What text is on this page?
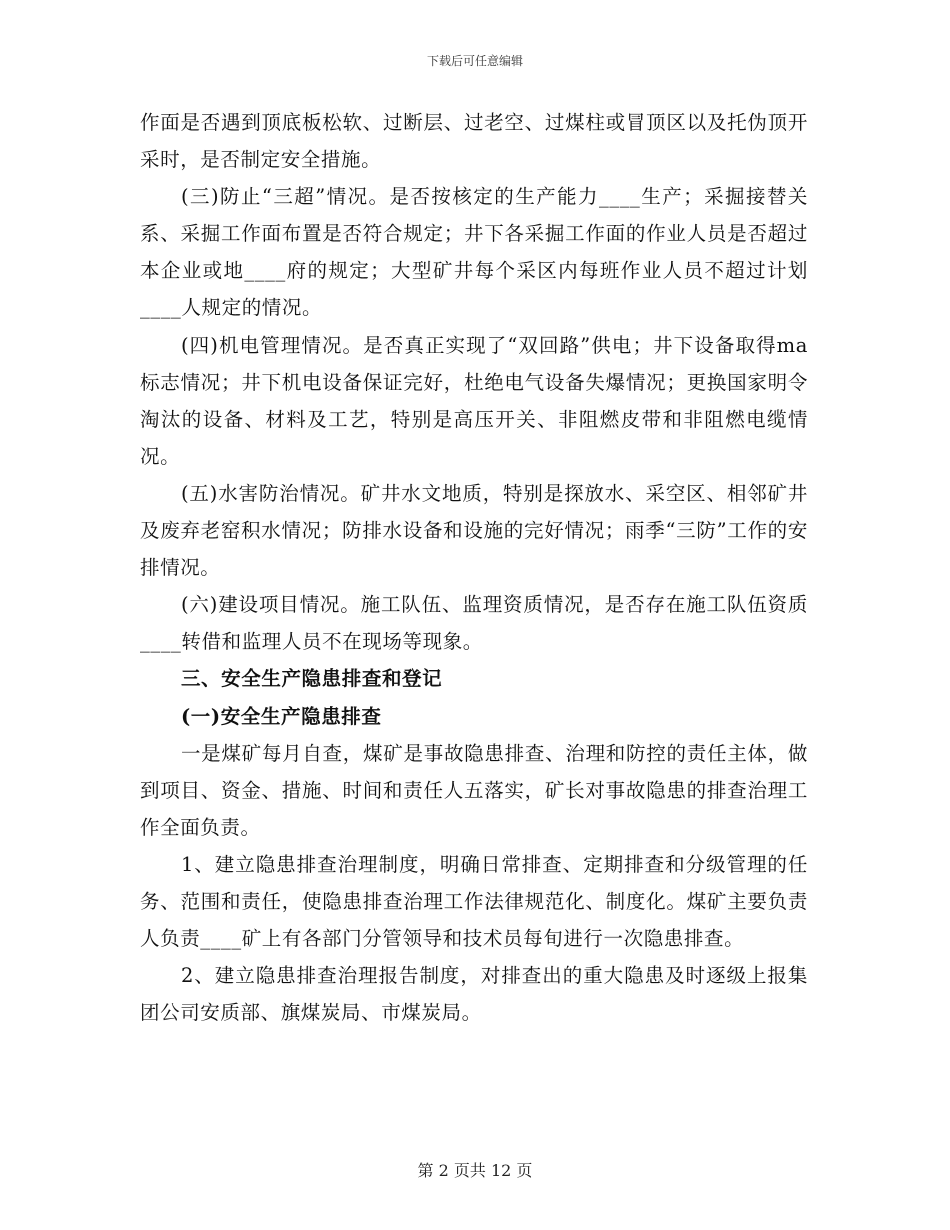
下载后可任意编辑

作面是否遇到顶底板松软、过断层、过老空、过煤柱或冒顶区以及托伪顶开采时，是否制定安全措施。

(三)防止“三超”情况。是否按核定的生产能力____生产；采掘接替关系、采掘工作面布置是否符合规定；井下各采掘工作面的作业人员是否超过本企业或地____府的规定；大型矿井每个采区内每班作业人员不超过计划____人规定的情况。

(四)机电管理情况。是否真正实现了“双回路”供电；井下设备取得ma标志情况；井下机电设备保证完好，杜绝电气设备失爆情况；更换国家明令淘汰的设备、材料及工艺，特别是高压开关、非阻燃皮带和非阻燃电缆情况。

(五)水害防治情况。矿井水文地质，特别是探放水、采空区、相邻矿井及废弃老窑积水情况；防排水设备和设施的完好情况；雨季“三防”工作的安排情况。

(六)建设项目情况。施工队伍、监理资质情况，是否存在施工队伍资质____转借和监理人员不在现场等现象。

三、安全生产隐患排查和登记

(一)安全生产隐患排查

一是煤矿每月自查，煤矿是事故隐患排查、治理和防控的责任主体，做到项目、资金、措施、时间和责任人五落实，矿长对事故隐患的排查治理工作全面负责。

1、建立隐患排查治理制度，明确日常排查、定期排查和分级管理的任务、范围和责任，使隐患排查治理工作法律规范化、制度化。煤矿主要负责人负责____矿上有各部门分管领导和技术员每旬进行一次隐患排查。

2、建立隐患排查治理报告制度，对排查出的重大隐患及时逐级上报集团公司安质部、旗煤炭局、市煤炭局。

第 2 页共 12 页
